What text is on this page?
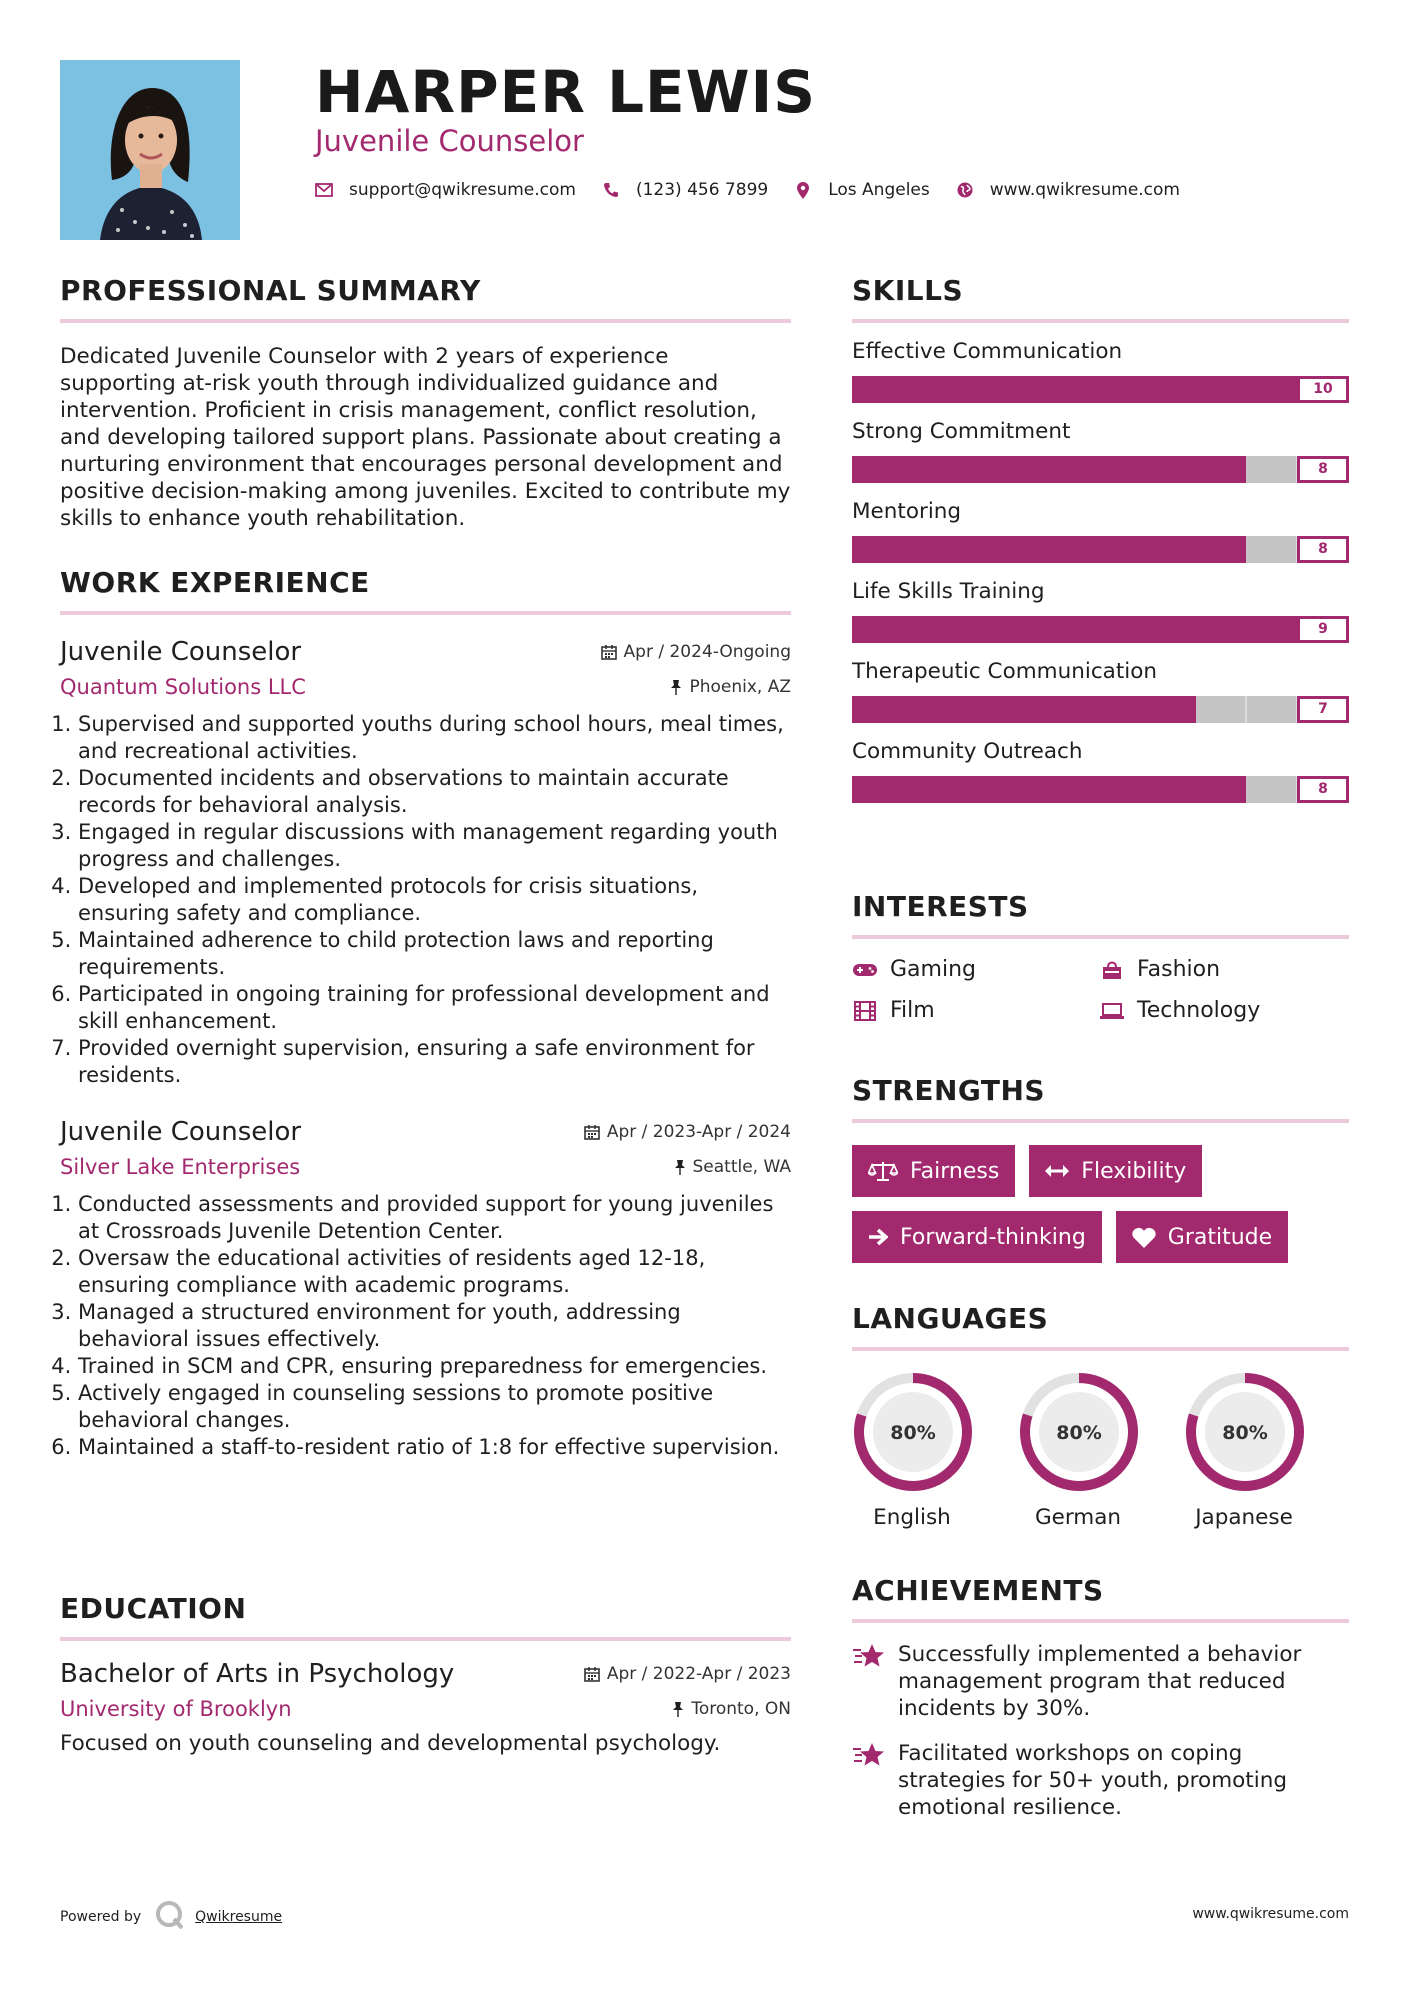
HARPER LEWIS
Juvenile Counselor
support@qwikresume.com	(123) 456 7899	Los Angeles	www.qwikresume.com
PROFESSIONAL SUMMARY

Dedicated Juvenile Counselor with 2 years of experience supporting at-risk youth through individualized guidance and intervention. Proficient in crisis management, conflict resolution, and developing tailored support plans. Passionate about creating a nurturing environment that encourages personal development and positive decision-making among juveniles. Excited to contribute my skills to enhance youth rehabilitation.

WORK EXPERIENCE
Juvenile Counselor	Apr / 2024-Ongoing
Quantum Solutions LLC	Phoenix, AZ
1. Supervised and supported youths during school hours, meal times, and recreational activities.
2. Documented incidents and observations to maintain accurate records for behavioral analysis.
3. Engaged in regular discussions with management regarding youth progress and challenges.
4. Developed and implemented protocols for crisis situations, ensuring safety and compliance.
5. Maintained adherence to child protection laws and reporting requirements.
6. Participated in ongoing training for professional development and skill enhancement.
7. Provided overnight supervision, ensuring a safe environment for residents.
Juvenile Counselor	Apr / 2023-Apr / 2024
Silver Lake Enterprises	Seattle, WA
1. Conducted assessments and provided support for young juveniles at Crossroads Juvenile Detention Center.
2. Oversaw the educational activities of residents aged 12-18, ensuring compliance with academic programs.
3. Managed a structured environment for youth, addressing behavioral issues effectively.
4. Trained in SCM and CPR, ensuring preparedness for emergencies.
5. Actively engaged in counseling sessions to promote positive behavioral changes.
6. Maintained a staff-to-resident ratio of 1:8 for effective supervision.
EDUCATION
Bachelor of Arts in Psychology	Apr / 2022-Apr / 2023
University of Brooklyn	Toronto, ON

Focused on youth counseling and developmental psychology.

SKILLS
Effective Communication
10
Strong Commitment
8
Mentoring
8
Life Skills Training
9
Therapeutic Communication
7
Community Outreach
8
INTERESTS
Gaming	Fashion
Film	Technology
STRENGTHS
Fairness	Flexibility
Forward-thinking	Gratitude
LANGUAGES
80%
English
80%
German
80%
Japanese
ACHIEVEMENTS
Successfully implemented a behavior management program that reduced incidents by 30%.
Facilitated workshops on coping strategies for 50+ youth, promoting emotional resilience.
Powered by	Qwikresume	www.qwikresume.com
